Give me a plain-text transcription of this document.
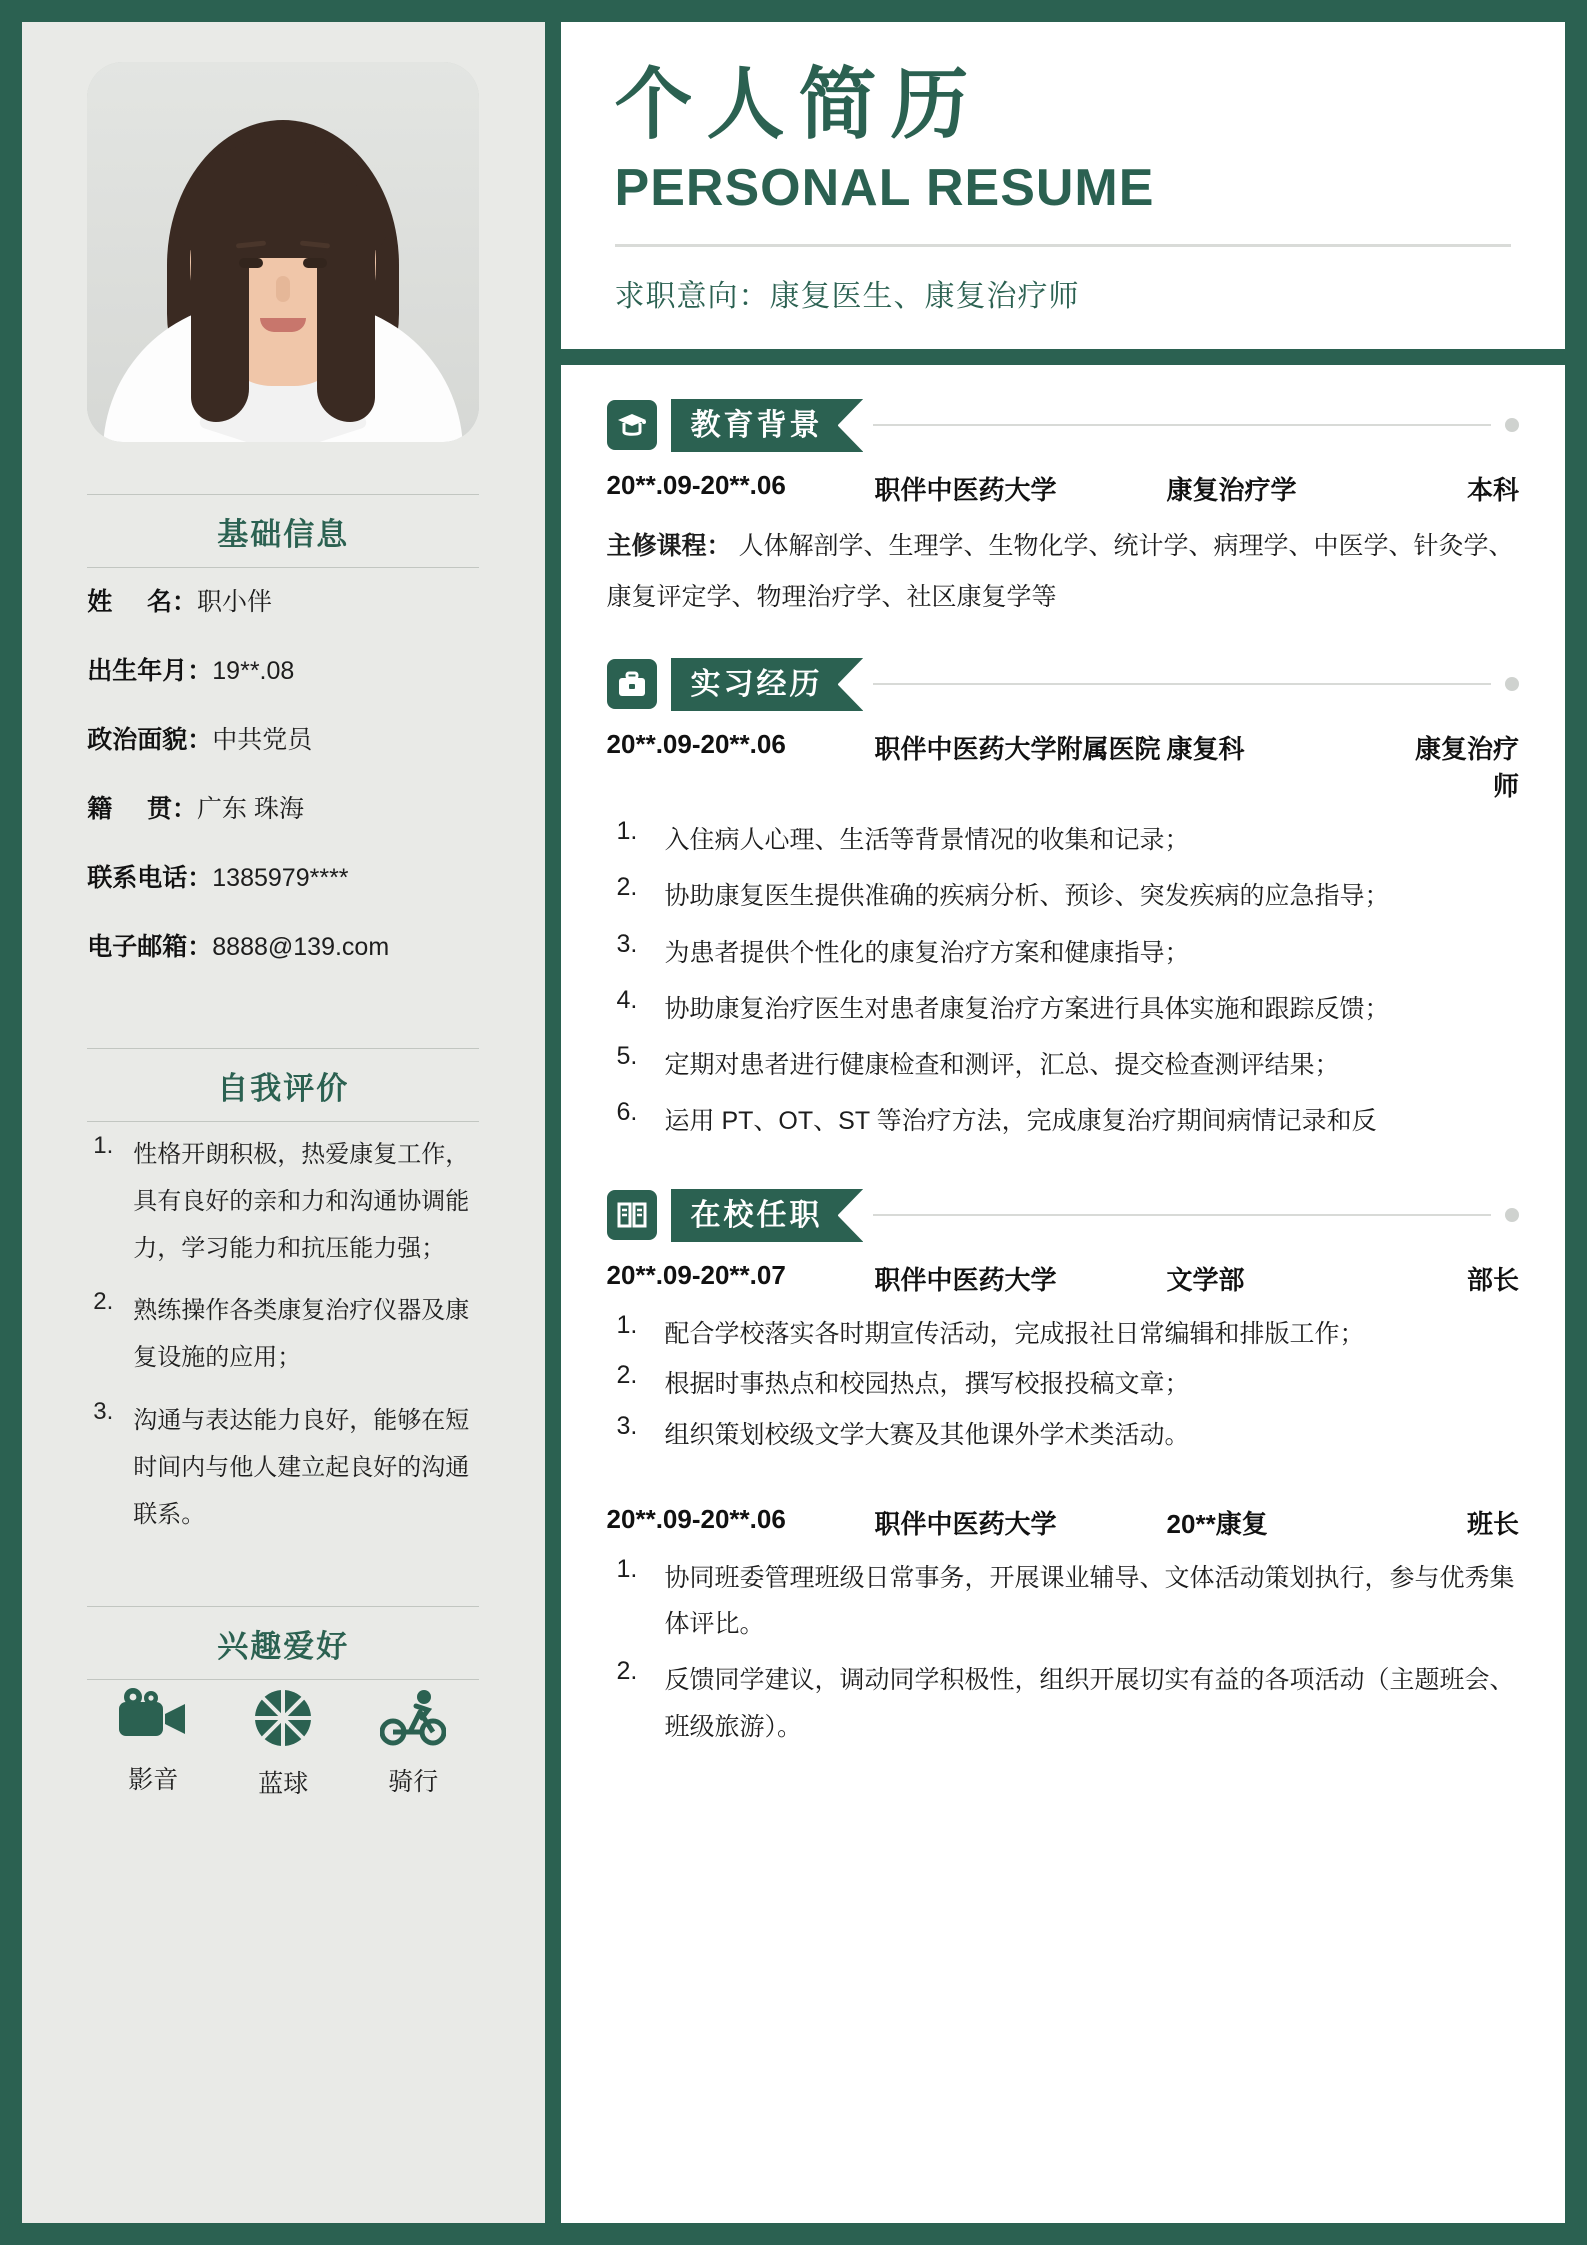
基础信息
姓     名： 职小伴
出生年月： 19**.08
政治面貌： 中共党员
籍     贯： 广东 珠海
联系电话： 1385979****
电子邮箱： 8888@139.com
自我评价
1. 性格开朗积极，热爱康复工作，具有良好的亲和力和沟通协调能力，学习能力和抗压能力强；
2. 熟练操作各类康复治疗仪器及康复设施的应用；
3. 沟通与表达能力良好，能够在短时间内与他人建立起良好的沟通联系。
兴趣爱好
影音	蓝球	骑行
个人简历
PERSONAL RESUME
求职意向：康复医生、康复治疗师
教育背景
20**.09-20**.06	职伴中医药大学	康复治疗学	本科
主修课程： 人体解剖学、生理学、生物化学、统计学、病理学、中医学、针灸学、康复评定学、物理治疗学、社区康复学等
实习经历
20**.09-20**.06	职伴中医药大学附属医院 康复科	康复治疗师
1.	入住病人心理、生活等背景情况的收集和记录；
2.	协助康复医生提供准确的疾病分析、预诊、突发疾病的应急指导；
3.	为患者提供个性化的康复治疗方案和健康指导；
4.	协助康复治疗医生对患者康复治疗方案进行具体实施和跟踪反馈；
5.	定期对患者进行健康检查和测评，汇总、提交检查测评结果；
6.	运用 PT、OT、ST 等治疗方法，完成康复治疗期间病情记录和反
在校任职
20**.09-20**.07	职伴中医药大学	文学部	部长
1.	配合学校落实各时期宣传活动，完成报社日常编辑和排版工作；
2.	根据时事热点和校园热点，撰写校报投稿文章；
3.	组织策划校级文学大赛及其他课外学术类活动。
20**.09-20**.06	职伴中医药大学	20**康复	班长
1.	协同班委管理班级日常事务，开展课业辅导、文体活动策划执行，参与优秀集体评比。
2.	反馈同学建议，调动同学积极性，组织开展切实有益的各项活动（主题班会、班级旅游）。
